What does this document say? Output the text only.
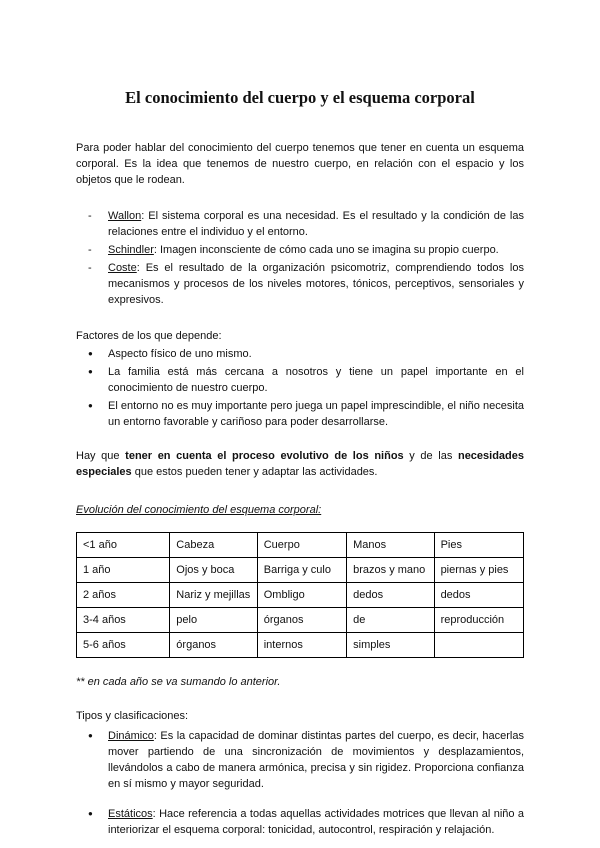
El conocimiento del cuerpo y el esquema corporal

Para poder hablar del conocimiento del cuerpo tenemos que tener en cuenta un esquema corporal. Es la idea que tenemos de nuestro cuerpo, en relación con el espacio y los objetos que le rodean.

-	Wallon: El sistema corporal es una necesidad. Es el resultado y la condición de las relaciones entre el individuo y el entorno.
-	Schindler: Imagen inconsciente de cómo cada uno se imagina su propio cuerpo.
-	Coste: Es el resultado de la organización psicomotriz, comprendiendo todos los mecanismos y procesos de los niveles motores, tónicos, perceptivos, sensoriales y expresivos.

Factores de los que depende:

●	Aspecto físico de uno mismo.
●	La familia está más cercana a nosotros y tiene un papel importante en el conocimiento de nuestro cuerpo.
●	El entorno no es muy importante pero juega un papel imprescindible, el niño necesita un entorno favorable y cariñoso para poder desarrollarse.

Hay que tener en cuenta el proceso evolutivo de los niños y de las necesidades especiales que estos pueden tener y adaptar las actividades.

Evolución del conocimiento del esquema corporal:

<1 año	Cabeza	Cuerpo	Manos	Pies
1 año	Ojos y boca	Barriga y culo	brazos y mano	piernas y pies
2 años	Nariz y mejillas	Ombligo	dedos	dedos
3-4 años	pelo	órganos	de	reproducción
5-6 años	órganos	internos	simples	

** en cada año se va sumando lo anterior.

Tipos y clasificaciones:

●	Dinámico: Es la capacidad de dominar distintas partes del cuerpo, es decir, hacerlas mover partiendo de una sincronización de movimientos y desplazamientos, llevándolos a cabo de manera armónica, precisa y sin rigidez. Proporciona confianza en sí mismo y mayor seguridad.
●	Estáticos: Hace referencia a todas aquellas actividades motrices que llevan al niño a interiorizar el esquema corporal: tonicidad, autocontrol, respiración y relajación.
